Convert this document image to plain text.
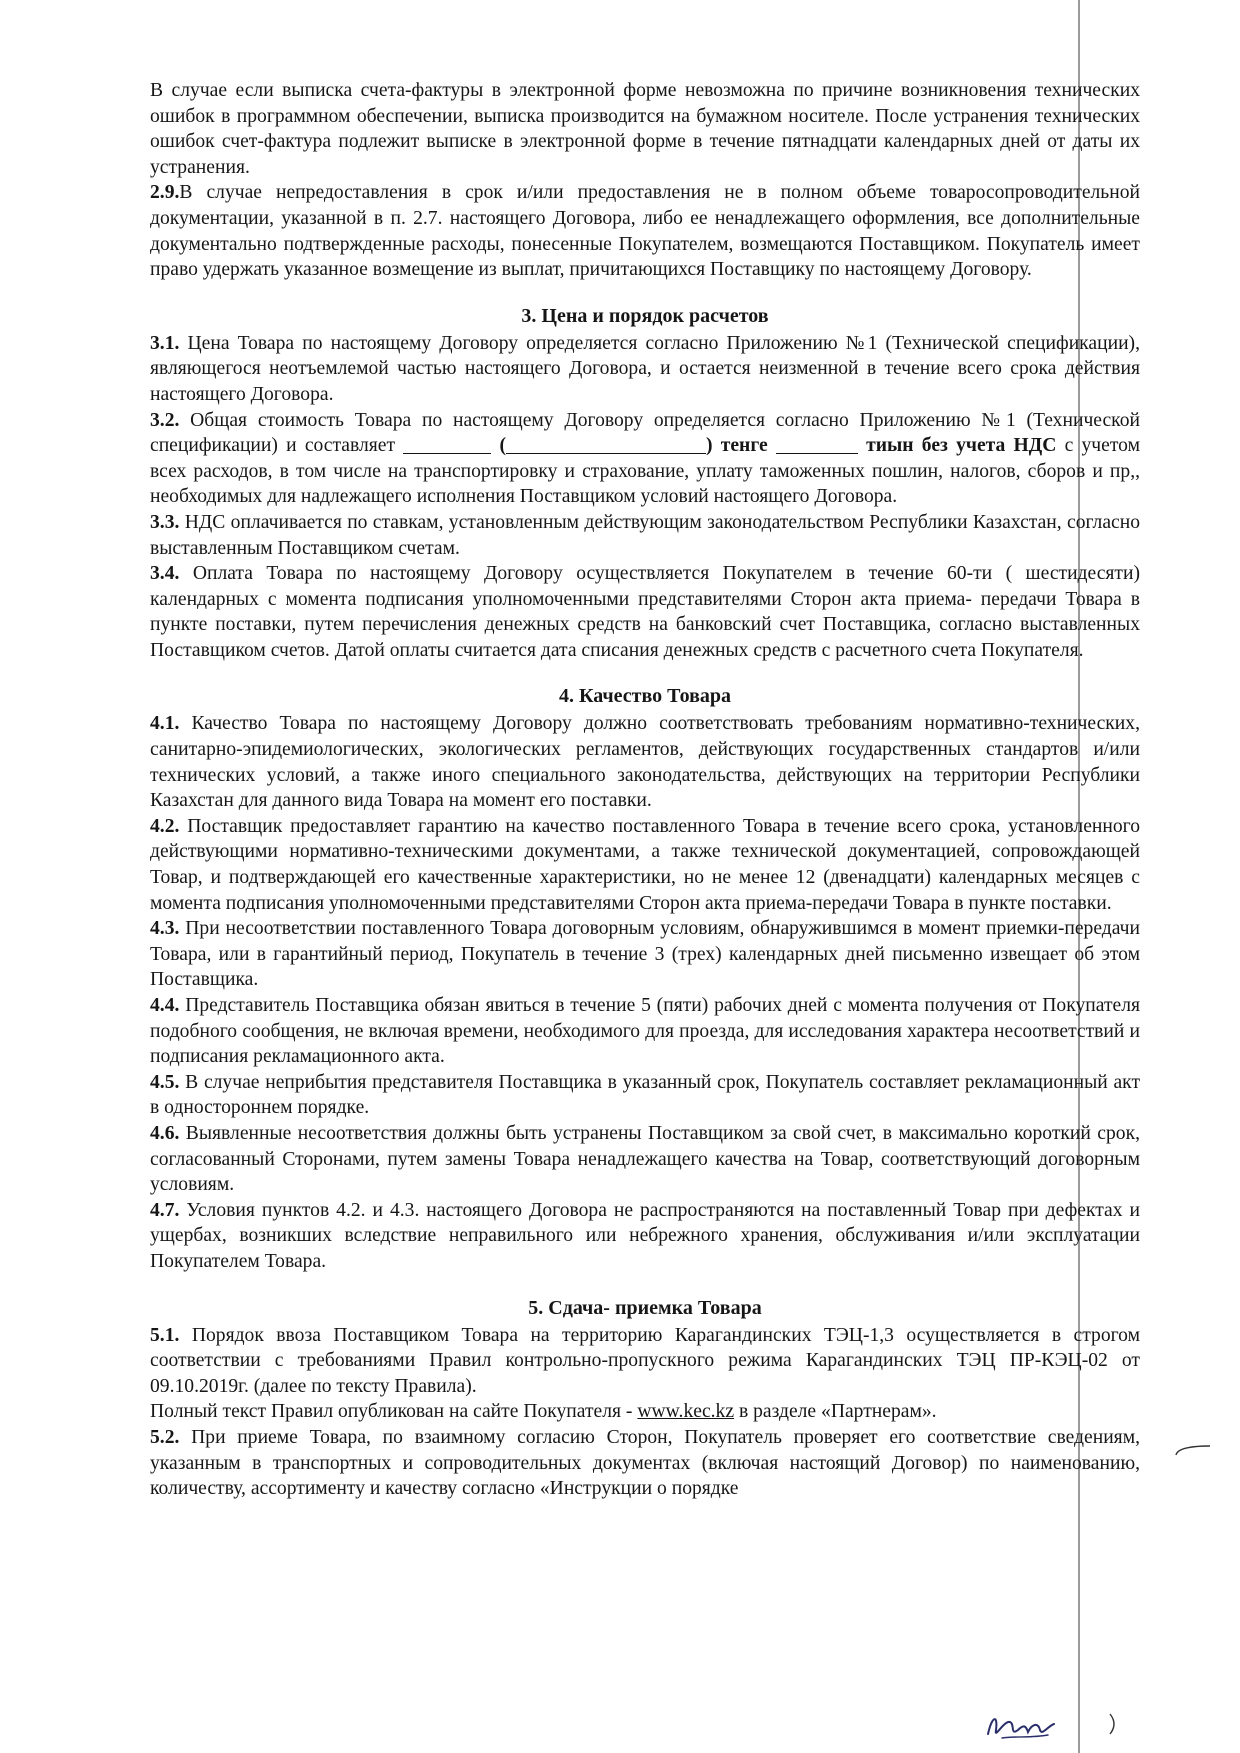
В случае если выписка счета-фактуры в электронной форме невозможна по причине возникновения технических ошибок в программном обеспечении, выписка производится на бумажном носителе. После устранения технических ошибок счет-фактура подлежит выписке в электронной форме в течение пятнадцати календарных дней от даты их устранения.

2.9.В случае непредоставления в срок и/или предоставления не в полном объеме товаросопроводительной документации, указанной в п. 2.7. настоящего Договора, либо ее ненадлежащего оформления, все дополнительные документально подтвержденные расходы, понесенные Покупателем, возмещаются Поставщиком. Покупатель имеет право удержать указанное возмещение из выплат, причитающихся Поставщику по настоящему Договору.

3. Цена и порядок расчетов

3.1. Цена Товара по настоящему Договору определяется согласно Приложению №1 (Технической спецификации), являющегося неотъемлемой частью настоящего Договора, и остается неизменной в течение всего срока действия настоящего Договора.

3.2. Общая стоимость Товара по настоящему Договору определяется согласно Приложению №1 (Технической спецификации) и составляет	(	) тенге	тиын без учета НДС с учетом всех расходов, в том числе на транспортировку и страхование, уплату таможенных пошлин, налогов, сборов и пр,, необходимых для надлежащего исполнения Поставщиком условий настоящего Договора.

3.3. НДС оплачивается по ставкам, установленным действующим законодательством Республики Казахстан, согласно выставленным Поставщиком счетам.

3.4. Оплата Товара по настоящему Договору осуществляется Покупателем в течение 60-ти ( шестидесяти) календарных с момента подписания уполномоченными представителями Сторон акта приема- передачи Товара в пункте поставки, путем перечисления денежных средств на банковский счет Поставщика, согласно выставленных Поставщиком счетов. Датой оплаты считается дата списания денежных средств с расчетного счета Покупателя.

4. Качество Товара

4.1. Качество Товара по настоящему Договору должно соответствовать требованиям нормативно-технических, санитарно-эпидемиологических, экологических регламентов, действующих государственных стандартов и/или технических условий, а также иного специального законодательства, действующих на территории Республики Казахстан для данного вида Товара на момент его поставки.

4.2. Поставщик предоставляет гарантию на качество поставленного Товара в течение всего срока, установленного действующими нормативно-техническими документами, а также технической документацией, сопровождающей Товар, и подтверждающей его качественные характеристики, но не менее 12 (двенадцати) календарных месяцев с момента подписания уполномоченными представителями Сторон акта приема-передачи Товара в пункте поставки.

4.3. При несоответствии поставленного Товара договорным условиям, обнаружившимся в момент приемки-передачи Товара, или в гарантийный период, Покупатель в течение 3 (трех) календарных дней письменно извещает об этом Поставщика.

4.4. Представитель Поставщика обязан явиться в течение 5 (пяти) рабочих дней с момента получения от Покупателя подобного сообщения, не включая времени, необходимого для проезда, для исследования характера несоответствий и подписания рекламационного акта.

4.5. В случае неприбытия представителя Поставщика в указанный срок, Покупатель составляет рекламационный акт в одностороннем порядке.

4.6. Выявленные несоответствия должны быть устранены Поставщиком за свой счет, в максимально короткий срок, согласованный Сторонами, путем замены Товара ненадлежащего качества на Товар, соответствующий договорным условиям.

4.7. Условия пунктов 4.2. и 4.3. настоящего Договора не распространяются на поставленный Товар при дефектах и ущербах, возникших вследствие неправильного или небрежного хранения, обслуживания и/или эксплуатации Покупателем Товара.

5. Сдача- приемка Товара

5.1. Порядок ввоза Поставщиком Товара на территорию Карагандинских ТЭЦ-1,3 осуществляется в строгом соответствии с требованиями Правил контрольно-пропускного режима Карагандинских ТЭЦ ПР-КЭЦ-02 от 09.10.2019г. (далее по тексту Правила).

Полный текст Правил опубликован на сайте Покупателя - www.kec.kz в разделе «Партнерам».

5.2. При приеме Товара, по взаимному согласию Сторон, Покупатель проверяет его соответствие сведениям, указанным в транспортных и сопроводительных документах (включая настоящий Договор) по наименованию, количеству, ассортименту и качеству согласно «Инструкции о порядке
